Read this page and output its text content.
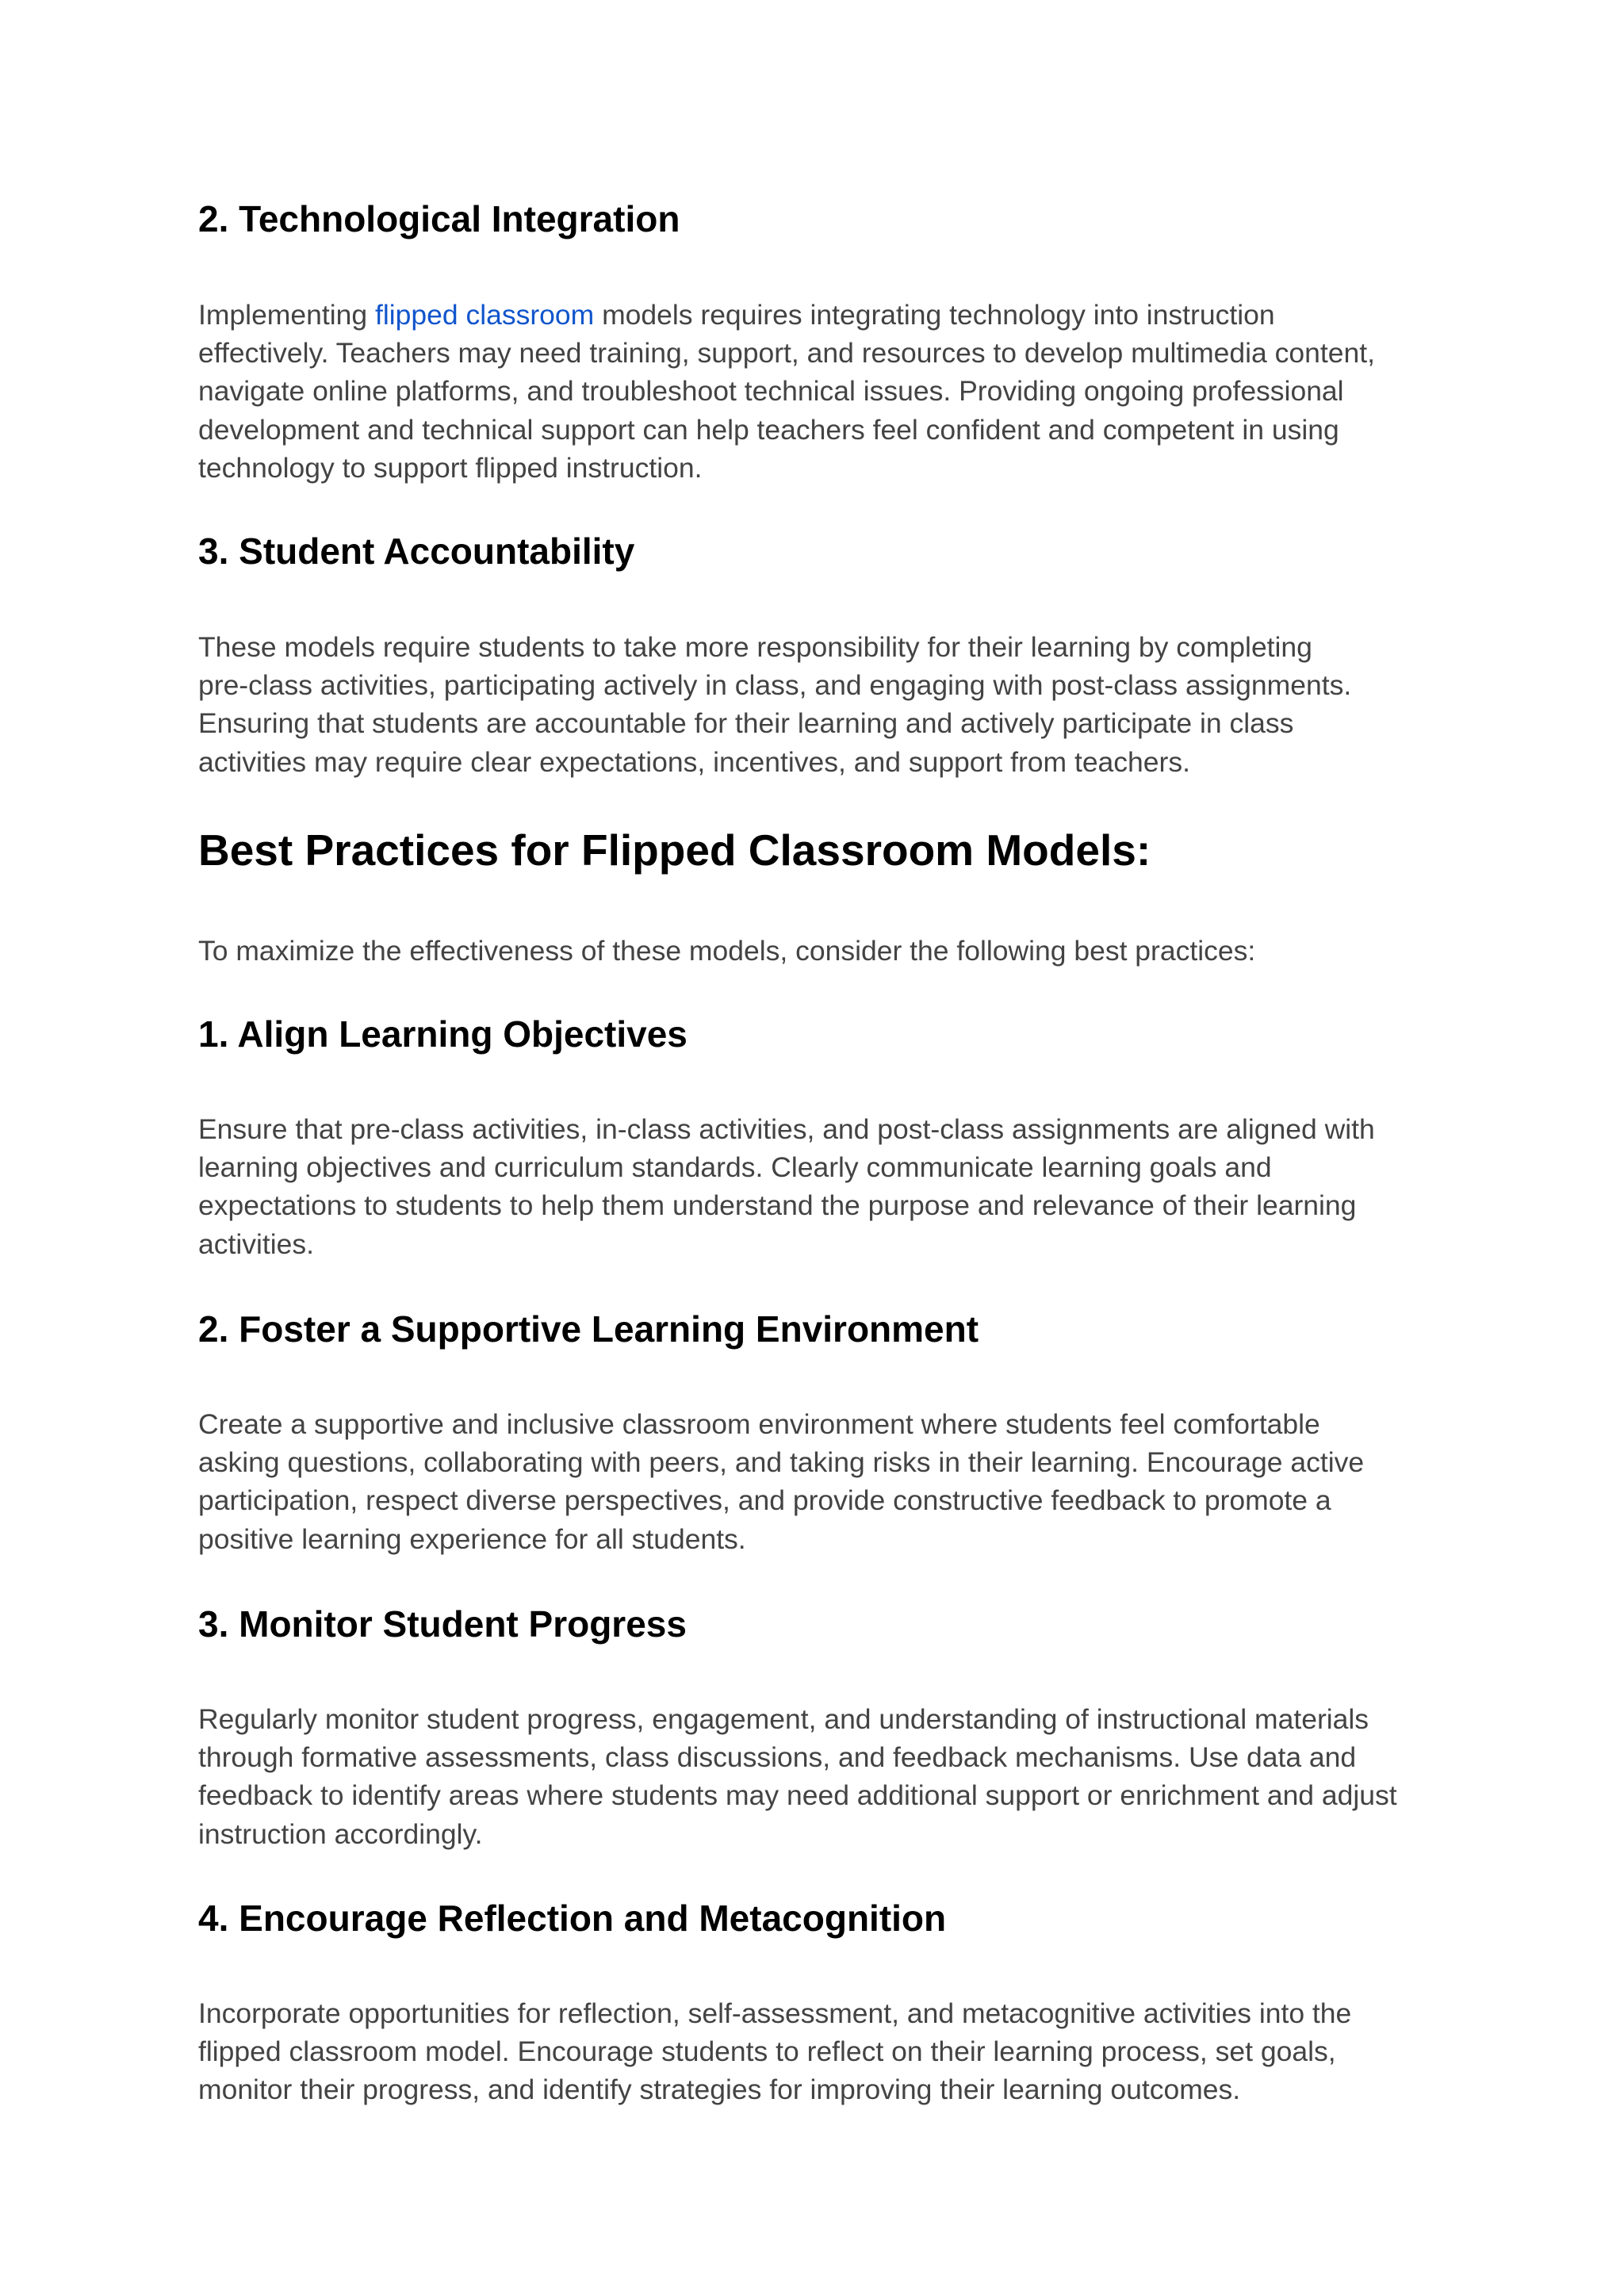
2. Technological Integration

Implementing flipped classroom models requires integrating technology into instruction
effectively. Teachers may need training, support, and resources to develop multimedia content,
navigate online platforms, and troubleshoot technical issues. Providing ongoing professional
development and technical support can help teachers feel confident and competent in using
technology to support flipped instruction.

3. Student Accountability

These models require students to take more responsibility for their learning by completing
pre-class activities, participating actively in class, and engaging with post-class assignments.
Ensuring that students are accountable for their learning and actively participate in class
activities may require clear expectations, incentives, and support from teachers.

Best Practices for Flipped Classroom Models:

To maximize the effectiveness of these models, consider the following best practices:

1. Align Learning Objectives

Ensure that pre-class activities, in-class activities, and post-class assignments are aligned with
learning objectives and curriculum standards. Clearly communicate learning goals and
expectations to students to help them understand the purpose and relevance of their learning
activities.

2. Foster a Supportive Learning Environment

Create a supportive and inclusive classroom environment where students feel comfortable
asking questions, collaborating with peers, and taking risks in their learning. Encourage active
participation, respect diverse perspectives, and provide constructive feedback to promote a
positive learning experience for all students.

3. Monitor Student Progress

Regularly monitor student progress, engagement, and understanding of instructional materials
through formative assessments, class discussions, and feedback mechanisms. Use data and
feedback to identify areas where students may need additional support or enrichment and adjust
instruction accordingly.

4. Encourage Reflection and Metacognition

Incorporate opportunities for reflection, self-assessment, and metacognitive activities into the
flipped classroom model. Encourage students to reflect on their learning process, set goals,
monitor their progress, and identify strategies for improving their learning outcomes.
